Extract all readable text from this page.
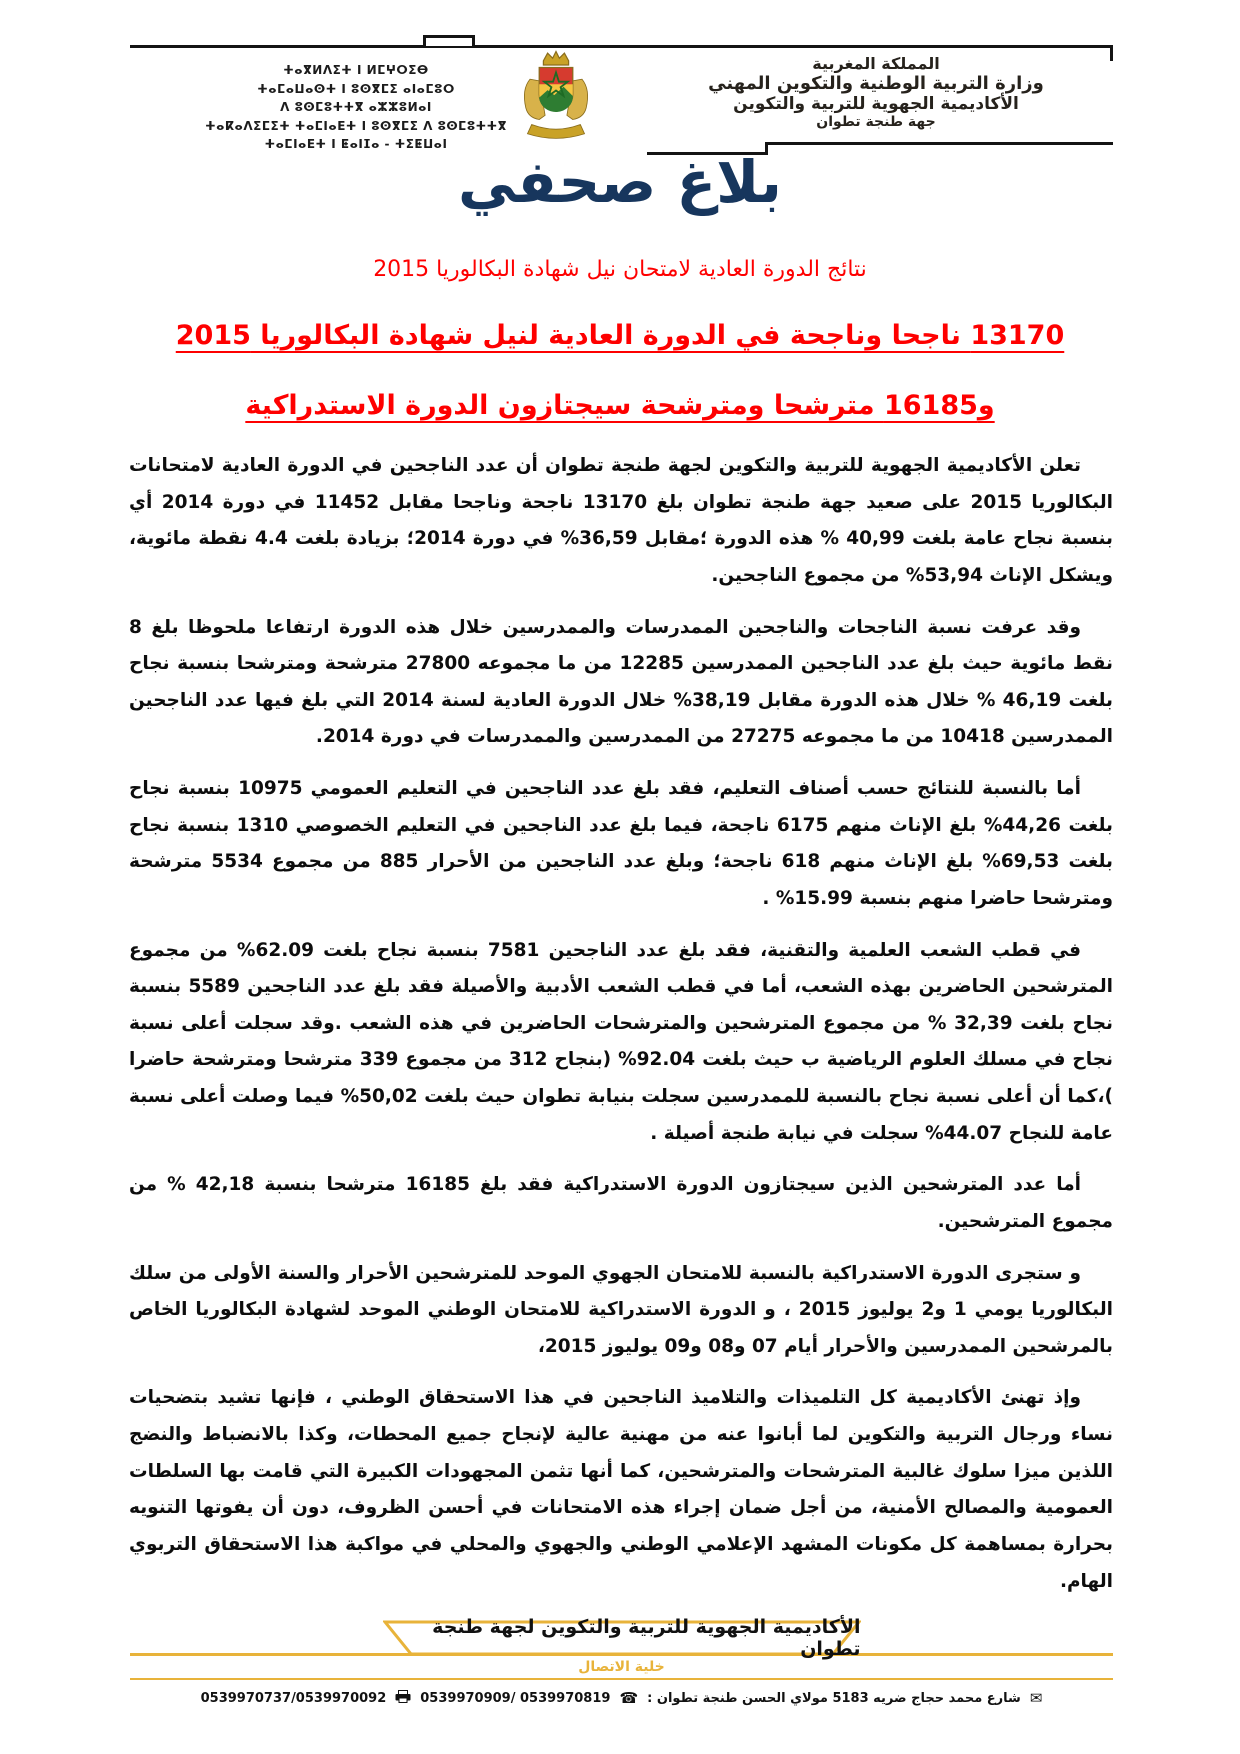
المملكة المغربية
وزارة التربية الوطنية والتكوين المهني
الأكاديمية الجهوية للتربية والتكوين
جهة طنجة تطوان
ⵜⴰⴳⵍⴷⵉⵜ ⵏ ⵍⵎⵖⵔⵉⴱ
ⵜⴰⵎⴰⵡⴰⵙⵜ ⵏ ⵓⵙⴳⵎⵉ ⴰⵏⴰⵎⵓⵔ
ⴷ ⵓⵙⵎⵓⵜⵜⴳ ⴰⵣⵣⵓⵍⴰⵏ
ⵜⴰⴽⴰⴷⵉⵎⵉⵜ ⵜⴰⵎⵏⴰⴹⵜ ⵏ ⵓⵙⴳⵎⵉ ⴷ ⵓⵙⵎⵓⵜⵜⴳ
ⵜⴰⵎⵏⴰⴹⵜ ⵏ ⵟⴰⵏⵊⴰ - ⵜⵉⵟⵡⴰⵏ
بلاغ صحفي
نتائج الدورة العادية لامتحان نيل شهادة البكالوريا 2015
13170 ناجحا وناجحة في الدورة العادية لنيل شهادة البكالوريا 2015
و16185 مترشحا ومترشحة سيجتازون الدورة الاستدراكية

تعلن الأكاديمية الجهوية للتربية والتكوين لجهة طنجة تطوان أن عدد الناجحين في الدورة العادية لامتحانات البكالوريا 2015 على صعيد جهة طنجة تطوان بلغ 13170 ناجحة وناجحا مقابل 11452 في دورة 2014 أي بنسبة نجاح عامة بلغت 40,99 % هذه الدورة ؛مقابل 36,59% في دورة 2014؛ بزيادة بلغت 4.4 نقطة مائوية، ويشكل الإناث 53,94% من مجموع الناجحين.

وقد عرفت نسبة الناجحات والناجحين الممدرسات والممدرسين خلال هذه الدورة ارتفاعا ملحوظا بلغ 8 نقط مائوية حيث بلغ عدد الناجحين الممدرسين 12285 من ما مجموعه 27800 مترشحة ومترشحا بنسبة نجاح بلغت 46,19 % خلال هذه الدورة مقابل 38,19% خلال الدورة العادية لسنة 2014 التي بلغ فيها عدد الناجحين الممدرسين 10418 من ما مجموعه 27275 من الممدرسين والممدرسات في دورة 2014.

أما بالنسبة للنتائج حسب أصناف التعليم، فقد بلغ عدد الناجحين في التعليم العمومي 10975 بنسبة نجاح بلغت 44,26% بلغ الإناث منهم 6175 ناجحة، فيما بلغ عدد الناجحين في التعليم الخصوصي 1310 بنسبة نجاح بلغت 69,53% بلغ الإناث منهم 618 ناجحة؛ وبلغ عدد الناجحين من الأحرار 885 من مجموع 5534 مترشحة ومترشحا حاضرا منهم بنسبة 15.99% .

في قطب الشعب العلمية والتقنية، فقد بلغ عدد الناجحين 7581 بنسبة نجاح بلغت 62.09% من مجموع المترشحين الحاضرين بهذه الشعب، أما في قطب الشعب الأدبية والأصيلة فقد بلغ عدد الناجحين 5589 بنسبة نجاح بلغت 32,39 % من مجموع المترشحين والمترشحات الحاضرين في هذه الشعب .وقد سجلت أعلى نسبة نجاح في مسلك العلوم الرياضية ب حيث بلغت 92.04% (بنجاح 312 من مجموع 339 مترشحا ومترشحة حاضرا )،كما أن أعلى نسبة نجاح بالنسبة للممدرسين سجلت بنيابة تطوان حيث بلغت 50,02% فيما وصلت أعلى نسبة عامة للنجاح 44.07% سجلت في نيابة طنجة أصيلة .

أما عدد المترشحين الذين سيجتازون الدورة الاستدراكية فقد بلغ 16185 مترشحا بنسبة 42,18 % من مجموع المترشحين.

و ستجرى الدورة الاستدراكية بالنسبة للامتحان الجهوي الموحد للمترشحين الأحرار والسنة الأولى من سلك البكالوريا يومي 1 و2 يوليوز 2015 ، و الدورة الاستدراكية للامتحان الوطني الموحد لشهادة البكالوريا الخاص بالمرشحين الممدرسين والأحرار أيام 07 و08 و09 يوليوز 2015،

وإذ تهنئ الأكاديمية كل التلميذات والتلاميذ الناجحين في هذا الاستحقاق الوطني ، فإنها تشيد بتضحيات نساء ورجال التربية والتكوين لما أبانوا عنه من مهنية عالية لإنجاح جميع المحطات، وكذا بالانضباط والنضج اللذين ميزا سلوك غالبية المترشحات والمترشحين، كما أنها تثمن المجهودات الكبيرة التي قامت بها السلطات العمومية والمصالح الأمنية، من أجل ضمان إجراء هذه الامتحانات في أحسن الظروف، دون أن يفوتها التنويه بحرارة بمساهمة كل مكونات المشهد الإعلامي الوطني والجهوي والمحلي في مواكبة هذا الاستحقاق التربوي الهام.

الأكاديمية الجهوية للتربية والتكوين لجهة طنجة تطوان
خلية الاتصال
✉
شارع محمد حجاج ضريه 5183 مولاي الحسن طنجة تطوان :
☎
0539970909/ 0539970819
0539970737/0539970092
